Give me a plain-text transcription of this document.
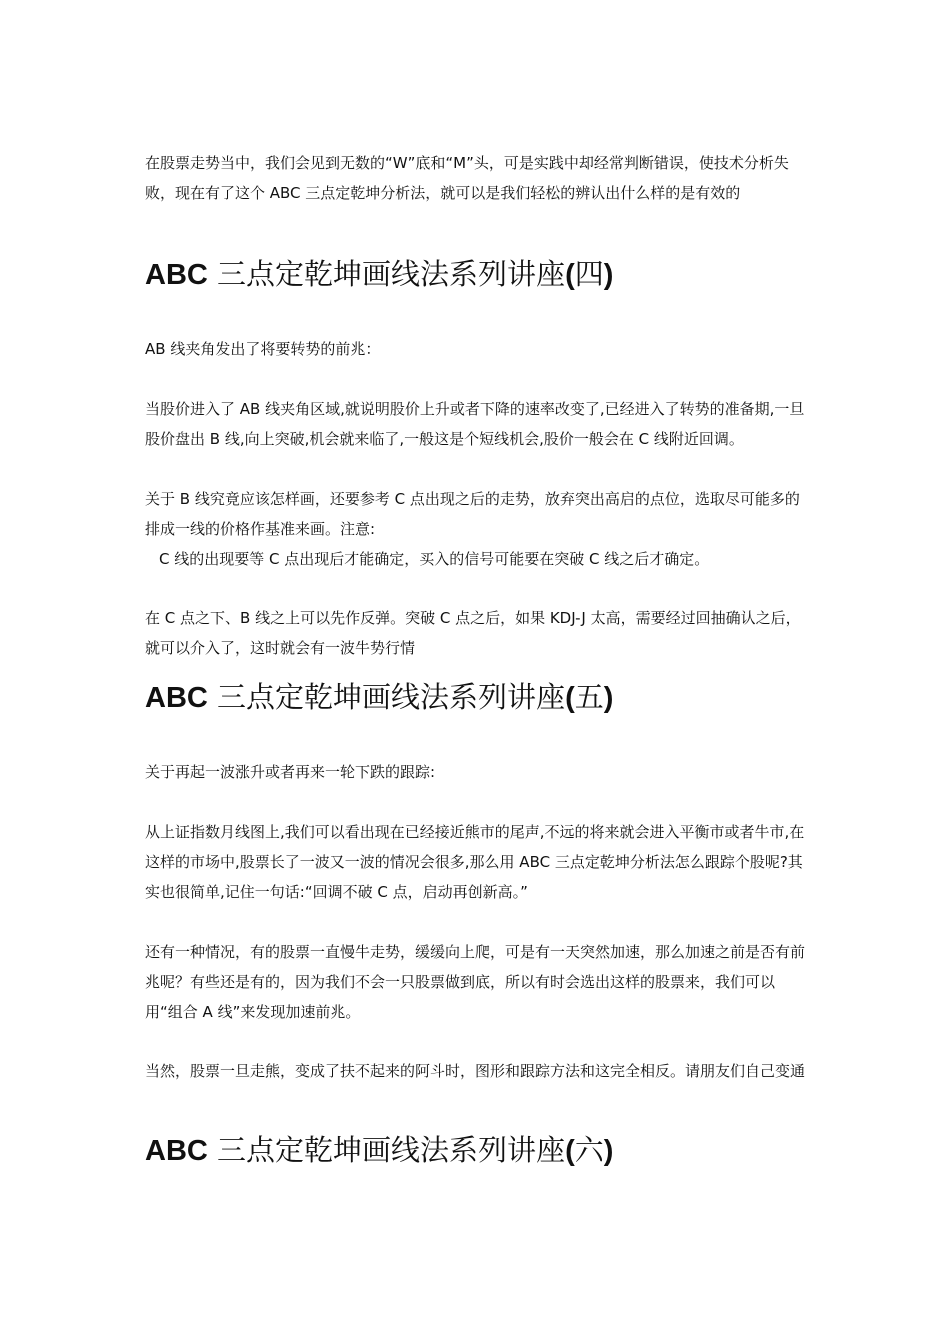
在股票走势当中，我们会见到无数的“W”底和“M”头，可是实践中却经常判断错误，使技术分析失败，现在有了这个 ABC 三点定乾坤分析法，就可以是我们轻松的辨认出什么样的是有效的

ABC 三点定乾坤画线法系列讲座(四)

AB 线夹角发出了将要转势的前兆：

当股价进入了 AB 线夹角区域,就说明股价上升或者下降的速率改变了,已经进入了转势的准备期,一旦股价盘出 B 线,向上突破,机会就来临了,一般这是个短线机会,股价一般会在 C 线附近回调。

关于 B 线究竟应该怎样画，还要参考 C 点出现之后的走势，放弃突出高启的点位，选取尽可能多的排成一线的价格作基准来画。注意:

C 线的出现要等 C 点出现后才能确定，买入的信号可能要在突破 C 线之后才确定。

在 C 点之下、B 线之上可以先作反弹。突破 C 点之后，如果 KDJ-J 太高，需要经过回抽确认之后，就可以介入了，这时就会有一波牛势行情

ABC 三点定乾坤画线法系列讲座(五)

关于再起一波涨升或者再来一轮下跌的跟踪:

从上证指数月线图上,我们可以看出现在已经接近熊市的尾声,不远的将来就会进入平衡市或者牛市,在这样的市场中,股票长了一波又一波的情况会很多,那么用 ABC 三点定乾坤分析法怎么跟踪个股呢?其实也很简单,记住一句话:“回调不破 C 点，启动再创新高。”

还有一种情况，有的股票一直慢牛走势，缓缓向上爬，可是有一天突然加速，那么加速之前是否有前兆呢？有些还是有的，因为我们不会一只股票做到底，所以有时会选出这样的股票来，我们可以用“组合 A 线”来发现加速前兆。

当然，股票一旦走熊，变成了扶不起来的阿斗时，图形和跟踪方法和这完全相反。请朋友们自己变通

ABC 三点定乾坤画线法系列讲座(六)
